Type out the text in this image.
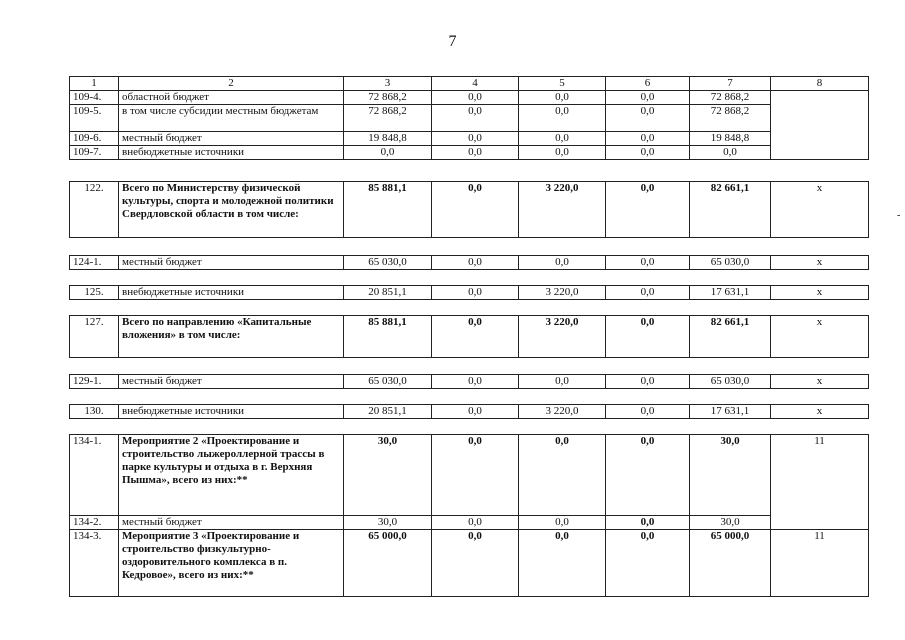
7
1	2	3	4	5	6	7	8
109-4.	областной бюджет	72 868,2	0,0	0,0	0,0	72 868,2	
109-5.	в том числе субсидии местным бюджетам	72 868,2	0,0	0,0	0,0	72 868,2	
109-6.	местный бюджет	19 848,8	0,0	0,0	0,0	19 848,8	
109-7.	внебюджетные источники	0,0	0,0	0,0	0,0	0,0	
122.	Всего по Министерству физической культуры, спорта и молодежной политики Свердловской области в том числе:	85 881,1	0,0	3 220,0	0,0	82 661,1	x
124-1.	местный бюджет	65 030,0	0,0	0,0	0,0	65 030,0	x
125.	внебюджетные источники	20 851,1	0,0	3 220,0	0,0	17 631,1	x
127.	Всего по направлению «Капитальные вложения» в том числе:	85 881,1	0,0	3 220,0	0,0	82 661,1	x
129-1.	местный бюджет	65 030,0	0,0	0,0	0,0	65 030,0	x
130.	внебюджетные источники	20 851,1	0,0	3 220,0	0,0	17 631,1	x
134-1.	Мероприятие 2 «Проектирование и строительство лыжероллерной трассы в парке культуры и отдыха в г. Верхняя Пышма», всего из них:**	30,0	0,0	0,0	0,0	30,0	11
134-2.	местный бюджет	30,0	0,0	0,0	0,0	30,0	
134-3.	Мероприятие 3 «Проектирование и строительство физкультурно-оздоровительного комплекса в п. Кедровое», всего из них:**	65 000,0	0,0	0,0	0,0	65 000,0	11
-
